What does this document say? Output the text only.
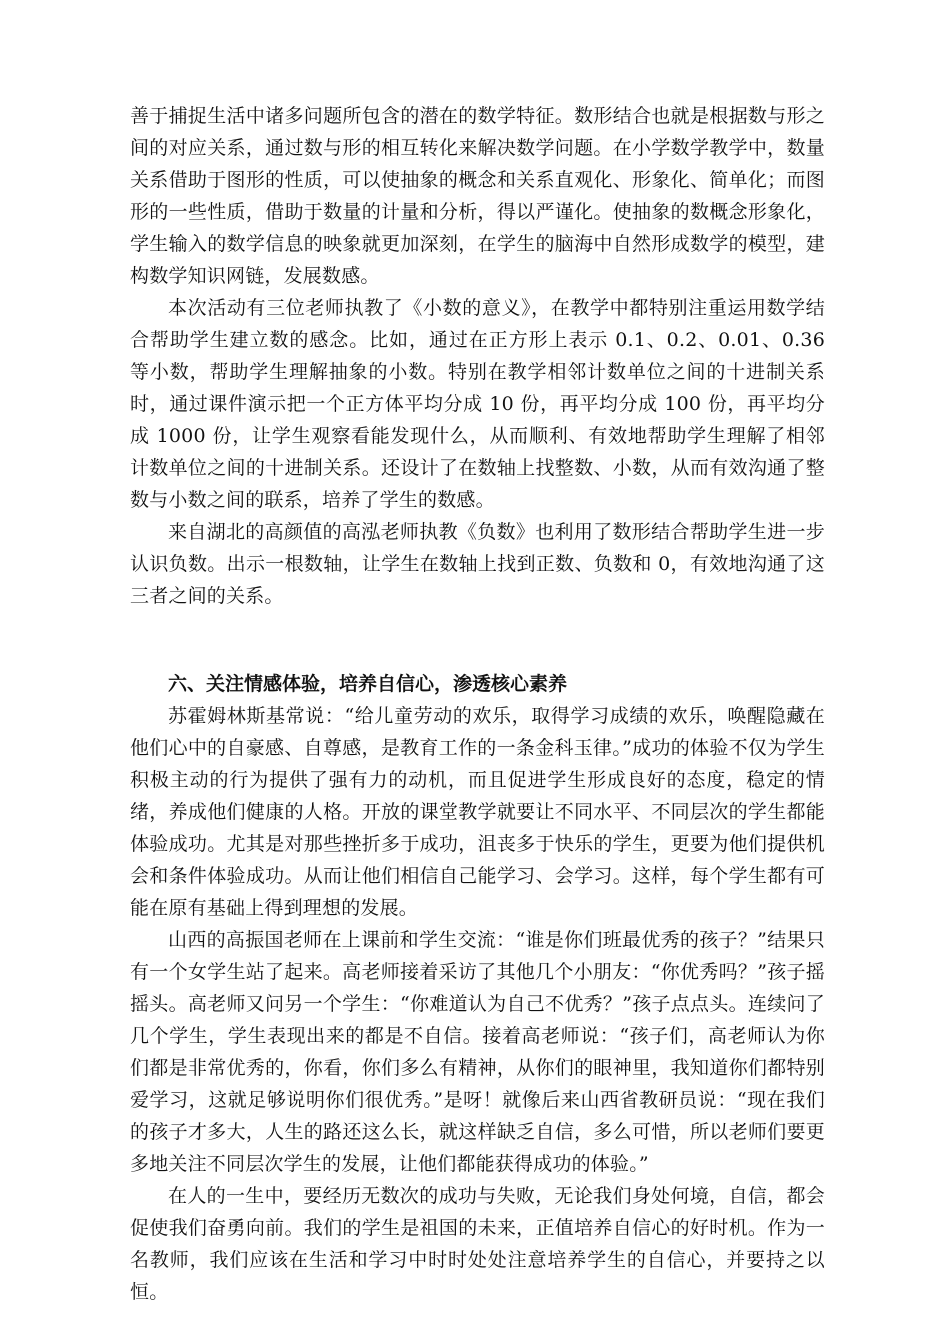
善于捕捉生活中诸多问题所包含的潜在的数学特征。数形结合也就是根据数与形之间的对应关系，通过数与形的相互转化来解决数学问题。在小学数学教学中，数量关系借助于图形的性质，可以使抽象的概念和关系直观化、形象化、简单化；而图形的一些性质，借助于数量的计量和分析，得以严谨化。使抽象的数概念形象化，学生输入的数学信息的映象就更加深刻，在学生的脑海中自然形成数学的模型，建构数学知识网链，发展数感。

本次活动有三位老师执教了《小数的意义》，在教学中都特别注重运用数学结合帮助学生建立数的感念。比如，通过在正方形上表示 0.1、0.2、0.01、0.36 等小数，帮助学生理解抽象的小数。特别在教学相邻计数单位之间的十进制关系时，通过课件演示把一个正方体平均分成 10 份，再平均分成 100 份，再平均分成 1000 份，让学生观察看能发现什么，从而顺利、有效地帮助学生理解了相邻计数单位之间的十进制关系。还设计了在数轴上找整数、小数，从而有效沟通了整数与小数之间的联系，培养了学生的数感。

来自湖北的高颜值的高泓老师执教《负数》也利用了数形结合帮助学生进一步认识负数。出示一根数轴，让学生在数轴上找到正数、负数和 0，有效地沟通了这三者之间的关系。

六、关注情感体验，培养自信心，渗透核心素养

苏霍姆林斯基常说：“给儿童劳动的欢乐，取得学习成绩的欢乐，唤醒隐藏在他们心中的自豪感、自尊感，是教育工作的一条金科玉律。”成功的体验不仅为学生积极主动的行为提供了强有力的动机，而且促进学生形成良好的态度，稳定的情绪，养成他们健康的人格。开放的课堂教学就要让不同水平、不同层次的学生都能体验成功。尤其是对那些挫折多于成功，沮丧多于快乐的学生，更要为他们提供机会和条件体验成功。从而让他们相信自己能学习、会学习。这样，每个学生都有可能在原有基础上得到理想的发展。

山西的高振国老师在上课前和学生交流：“谁是你们班最优秀的孩子？”结果只有一个女学生站了起来。高老师接着采访了其他几个小朋友：“你优秀吗？”孩子摇摇头。高老师又问另一个学生：“你难道认为自己不优秀？”孩子点点头。连续问了几个学生，学生表现出来的都是不自信。接着高老师说：“孩子们，高老师认为你们都是非常优秀的，你看，你们多么有精神，从你们的眼神里，我知道你们都特别爱学习，这就足够说明你们很优秀。”是呀！就像后来山西省教研员说：“现在我们的孩子才多大，人生的路还这么长，就这样缺乏自信，多么可惜，所以老师们要更多地关注不同层次学生的发展，让他们都能获得成功的体验。”

在人的一生中，要经历无数次的成功与失败，无论我们身处何境，自信，都会促使我们奋勇向前。我们的学生是祖国的未来，正值培养自信心的好时机。作为一名教师，我们应该在生活和学习中时时处处注意培养学生的自信心，并要持之以恒。
